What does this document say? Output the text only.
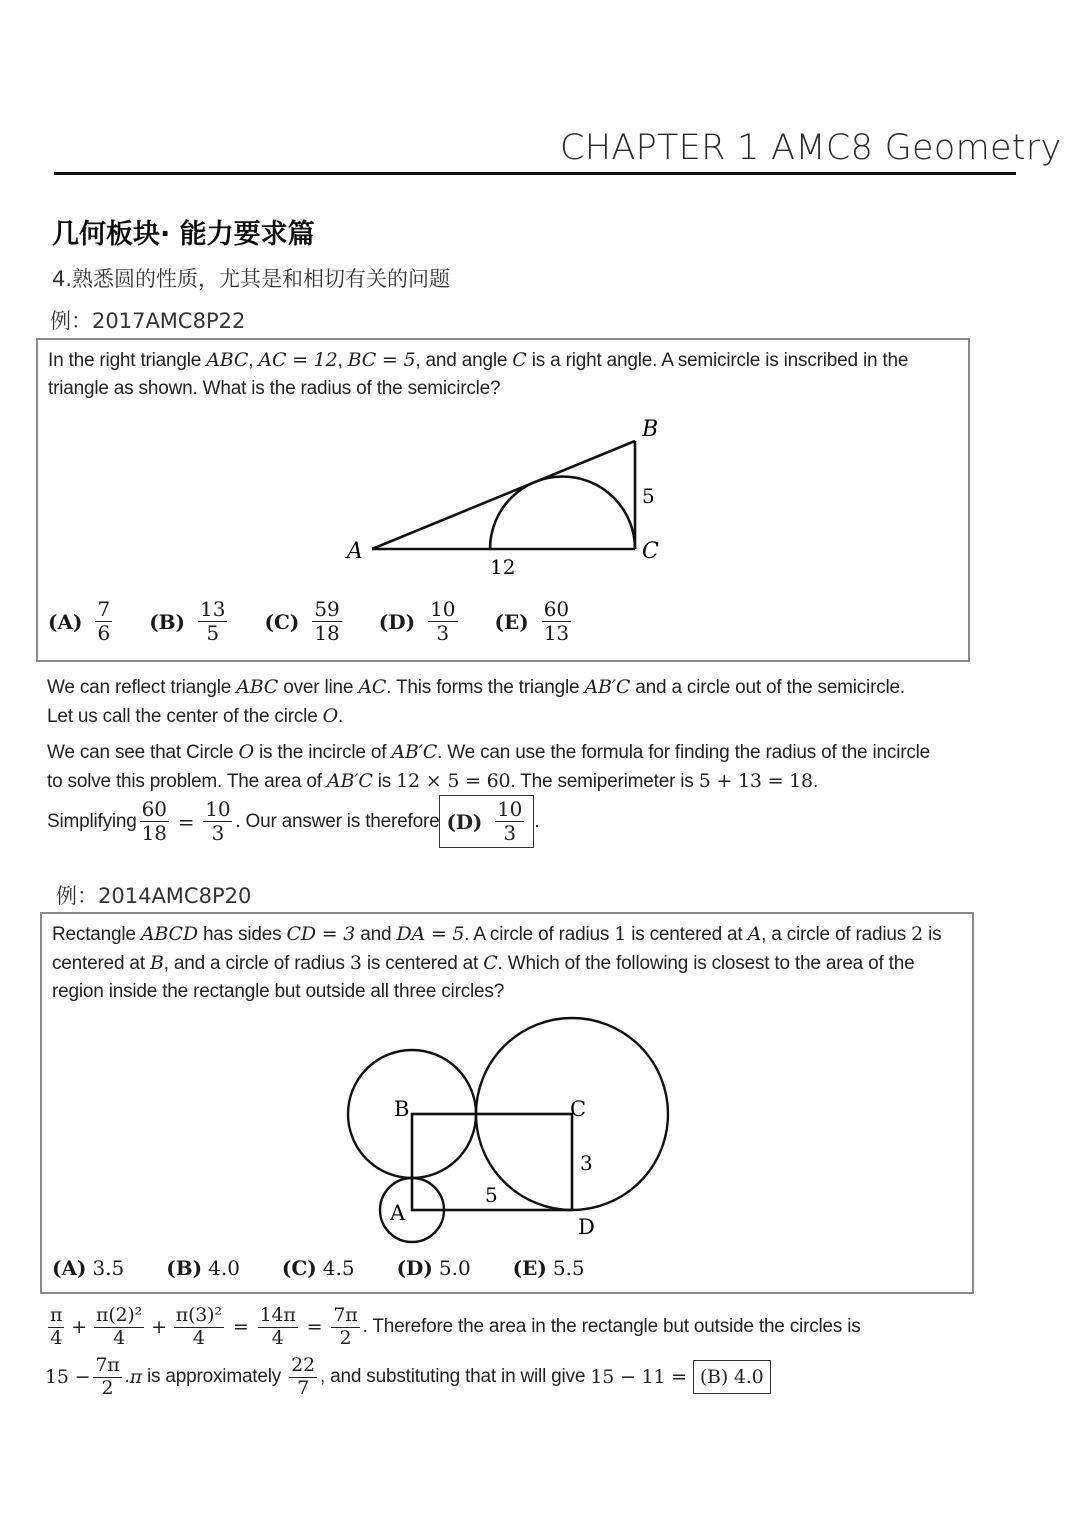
CHAPTER 1 AMC8 Geometry
几何板块· 能力要求篇
4.熟悉圆的性质，尤其是和相切有关的问题
例：2017AMC8P22
In the right triangle ABC, AC = 12, BC = 5, and angle C is a right angle. A semicircle is inscribed in the triangle as shown. What is the radius of the semicircle?
B
5
A	C
12
$(A) \frac{7}{6} (B) \frac{13}{5} (C) \frac{59}{18} (D) \frac{10}{3} (E) \frac{60}{13}$
We can reflect triangle ABC over line AC. This forms the triangle AB′C and a circle out of the semicircle. Let us call the center of the circle O.
We can see that Circle O is the incircle of AB′C. We can use the formula for finding the radius of the incircle to solve this problem. The area of AB′C is 12 × 5 = 60. The semiperimeter is 5 + 13 = 18.
Simplifying $\frac{60}{18} = \frac{10}{3}$ . Our answer is therefore $(D) \frac{10}{3}$ .
例：2014AMC8P20
Rectangle ABCD has sides CD = 3 and DA = 5. A circle of radius 1 is centered at A, a circle of radius 2 is centered at B, and a circle of radius 3 is centered at C. Which of the following is closest to the area of the region inside the rectangle but outside all three circles?
B	C
A
D
3
5
(A) 3.5 (B) 4.0 (C) 4.5 (D) 5.0 (E) 5.5
$\frac{\pi}{4} + \frac{\text{π(2)²}}{4} + \frac{\text{π(3)²}}{4} = \frac{14\pi}{4} = \frac{7\pi}{2}$ . Therefore the area in the rectangle but outside the circles is
$15 - \frac{7\pi}{2}$ . π is approximately $\frac{22}{7}$ , and substituting that in will give 15 − 11 = (B) 4.0
